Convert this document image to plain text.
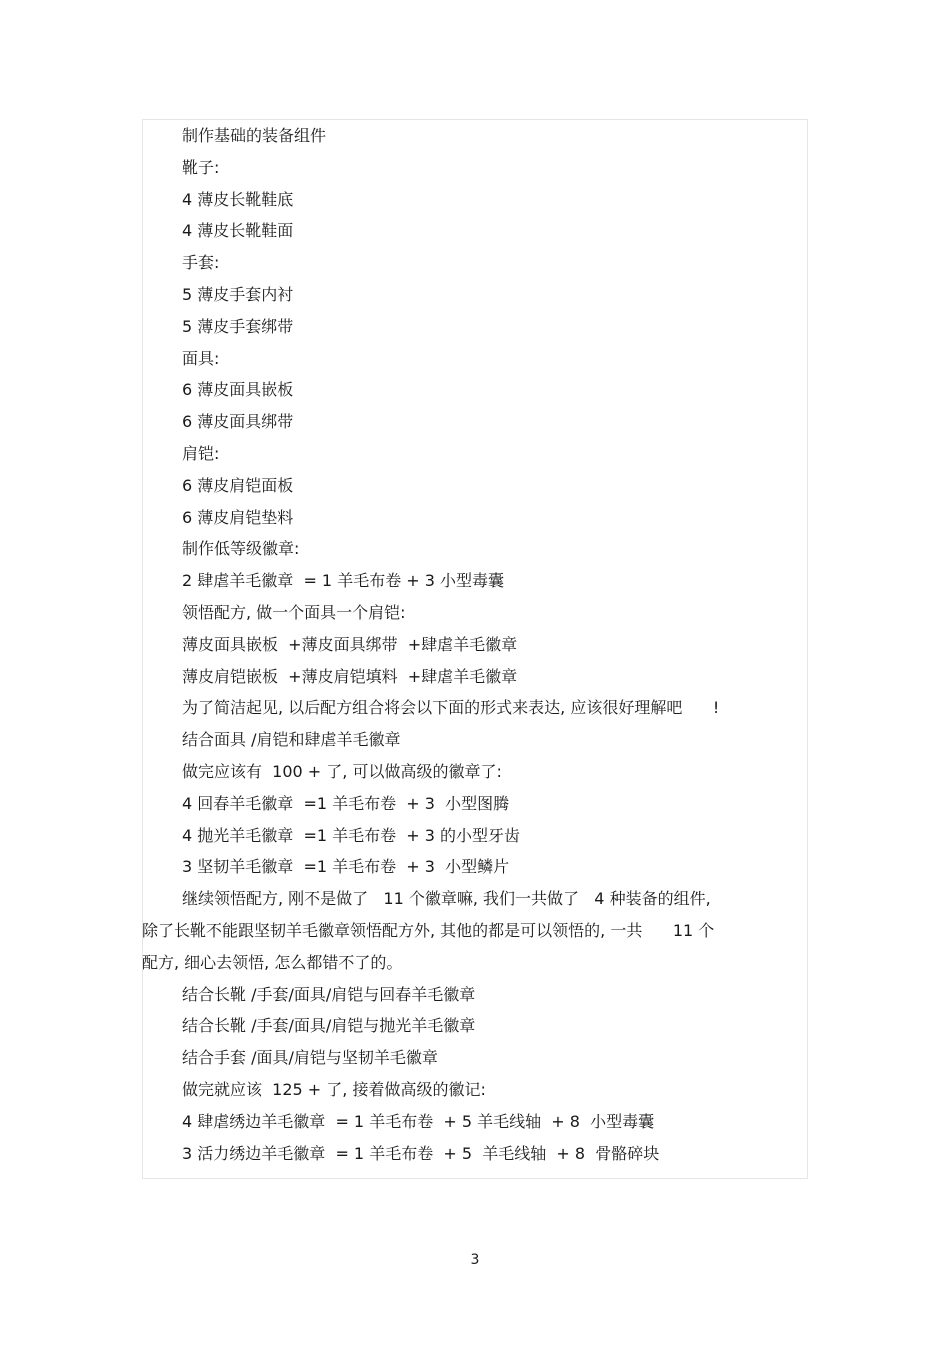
制作基础的装备组件
靴子:
4 薄皮长靴鞋底
4 薄皮长靴鞋面
手套:
5 薄皮手套内衬
5 薄皮手套绑带
面具:
6 薄皮面具嵌板
6 薄皮面具绑带
肩铠:
6 薄皮肩铠面板
6 薄皮肩铠垫料
制作低等级徽章:
2 肆虐羊毛徽章  = 1 羊毛布卷 + 3 小型毒囊
领悟配方, 做一个面具一个肩铠:
薄皮面具嵌板  +薄皮面具绑带  +肆虐羊毛徽章
薄皮肩铠嵌板  +薄皮肩铠填料  +肆虐羊毛徽章
为了简洁起见, 以后配方组合将会以下面的形式来表达, 应该很好理解吧      !
结合面具 /肩铠和肆虐羊毛徽章
做完应该有  100 + 了, 可以做高级的徽章了:
4 回春羊毛徽章  =1 羊毛布卷  + 3  小型图腾
4 抛光羊毛徽章  =1 羊毛布卷  + 3 的小型牙齿
3 坚韧羊毛徽章  =1 羊毛布卷  + 3  小型鳞片
继续领悟配方, 刚不是做了   11 个徽章嘛, 我们一共做了   4 种装备的组件,
除了长靴不能跟坚韧羊毛徽章领悟配方外, 其他的都是可以领悟的, 一共      11 个
配方, 细心去领悟, 怎么都错不了的。
结合长靴 /手套/面具/肩铠与回春羊毛徽章
结合长靴 /手套/面具/肩铠与抛光羊毛徽章
结合手套 /面具/肩铠与坚韧羊毛徽章
做完就应该  125 + 了, 接着做高级的徽记:
4 肆虐绣边羊毛徽章  = 1 羊毛布卷  + 5 羊毛线轴  + 8  小型毒囊
3 活力绣边羊毛徽章  = 1 羊毛布卷  + 5  羊毛线轴  + 8  骨骼碎块
3
